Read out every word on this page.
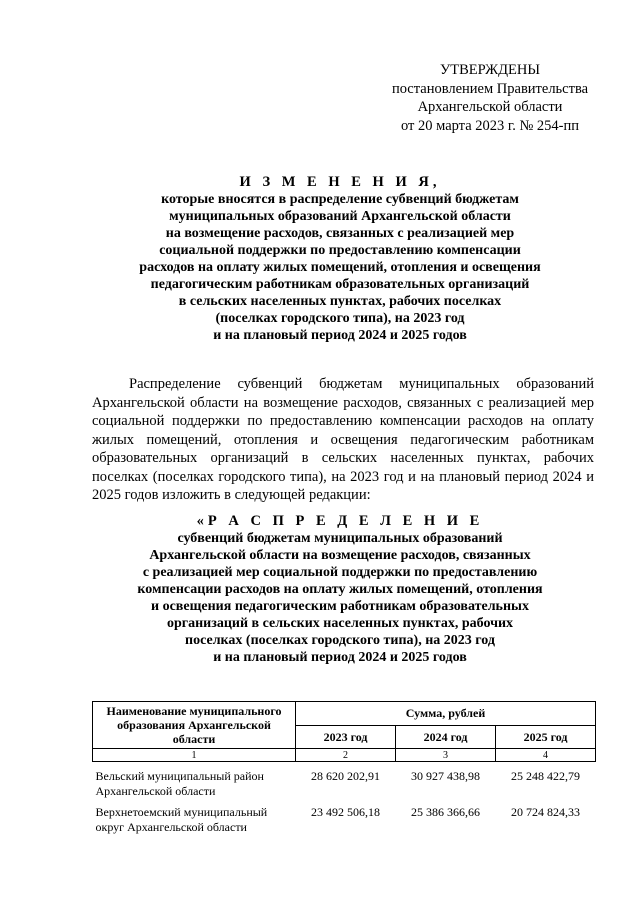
УТВЕРЖДЕНЫ
постановлением Правительства
Архангельской области
от 20 марта 2023 г. № 254-пп
И З М Е Н Е Н И Я,
которые вносятся в распределение субвенций бюджетам
муниципальных образований Архангельской области
на возмещение расходов, связанных с реализацией мер
социальной поддержки по предоставлению компенсации
расходов на оплату жилых помещений, отопления и освещения
педагогическим работникам образовательных организаций
в сельских населенных пунктах, рабочих поселках
(поселках городского типа), на 2023 год
и на плановый период 2024 и 2025 годов
Распределение субвенций бюджетам муниципальных образований Архангельской области на возмещение расходов, связанных с реализацией мер социальной поддержки по предоставлению компенсации расходов на оплату жилых помещений, отопления и освещения педагогическим работникам образовательных организаций в сельских населенных пунктах, рабочих поселках (поселках городского типа), на 2023 год и на плановый период 2024 и 2025 годов изложить в следующей редакции:
«Р А С П Р Е Д Е Л Е Н И Е
субвенций бюджетам муниципальных образований
Архангельской области на возмещение расходов, связанных
с реализацией мер социальной поддержки по предоставлению
компенсации расходов на оплату жилых помещений, отопления
и освещения педагогическим работникам образовательных
организаций в сельских населенных пунктах, рабочих
поселках (поселках городского типа), на 2023 год
и на плановый период 2024 и 2025 годов
Наименование муниципального образования Архангельской области	Сумма, рублей		
	2023 год	2024 год	2025 год
1	2	3	4
Вельский муниципальный район Архангельской области	28 620 202,91	30 927 438,98	25 248 422,79
Верхнетоемский муниципальный округ Архангельской области	23 492 506,18	25 386 366,66	20 724 824,33
